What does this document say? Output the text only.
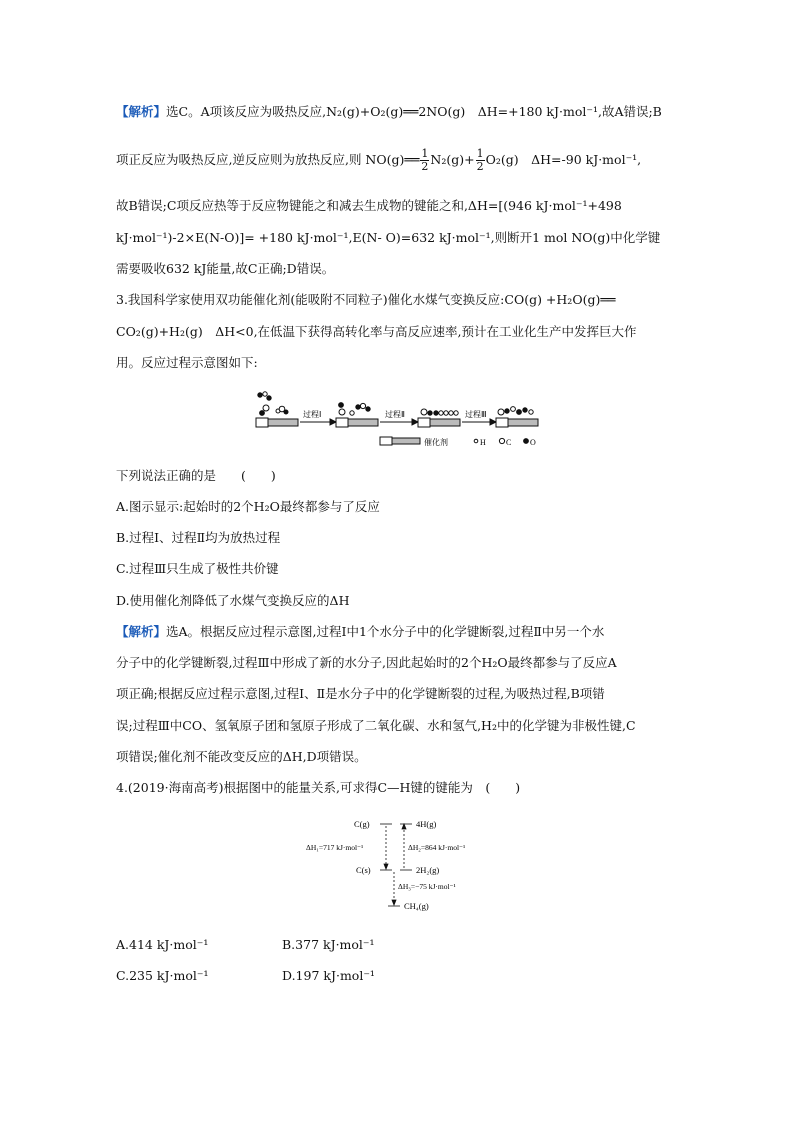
【解析】选C。A项该反应为吸热反应,N₂(g)+O₂(g)══2NO(g)　ΔH=+180 kJ·mol⁻¹,故A错误;B
项正反应为吸热反应,逆反应则为放热反应,则 NO(g)══ $\frac{1}{2} N_2(g)+ \frac{1}{2} O_2(g)$　ΔH=-90 kJ·mol⁻¹,
故B错误;C项反应热等于反应物键能之和减去生成物的键能之和,ΔH=[(946 kJ·mol⁻¹+498
kJ·mol⁻¹)-2×E(N-O)]= +180 kJ·mol⁻¹,E(N- O)=632 kJ·mol⁻¹,则断开1 mol NO(g)中化学键
需要吸收632 kJ能量,故C正确;D错误。
3.我国科学家使用双功能催化剂(能吸附不同粒子)催化水煤气变换反应:CO(g) +H₂O(g)══
CO₂(g)+H₂(g)　ΔH<0,在低温下获得高转化率与高反应速率,预计在工业化生产中发挥巨大作
用。反应过程示意图如下:
过程Ⅰ	过程Ⅱ	过程Ⅲ
催化剂	H	C O
下列说法正确的是　　(　　)
A.图示显示:起始时的2个H₂O最终都参与了反应
B.过程Ⅰ、过程Ⅱ均为放热过程
C.过程Ⅲ只生成了极性共价键
D.使用催化剂降低了水煤气变换反应的ΔH
【解析】选A。根据反应过程示意图,过程Ⅰ中1个水分子中的化学键断裂,过程Ⅱ中另一个水
分子中的化学键断裂,过程Ⅲ中形成了新的水分子,因此起始时的2个H₂O最终都参与了反应A
项正确;根据反应过程示意图,过程Ⅰ、Ⅱ是水分子中的化学键断裂的过程,为吸热过程,B项错
误;过程Ⅲ中CO、氢氧原子团和氢原子形成了二氧化碳、水和氢气,H₂中的化学键为非极性键,C
项错误;催化剂不能改变反应的ΔH,D项错误。
4.(2019·海南高考)根据图中的能量关系,可求得C—H键的键能为　(　　)
C(g)	4H(g)
C(s)	2H₂(g)
CH₄(g)
ΔH₁=717 kJ·mol⁻¹	ΔH₂=864 kJ·mol⁻¹
ΔH₃=−75 kJ·mol⁻¹
A.414 kJ·mol⁻¹	B.377 kJ·mol⁻¹
C.235 kJ·mol⁻¹	D.197 kJ·mol⁻¹
